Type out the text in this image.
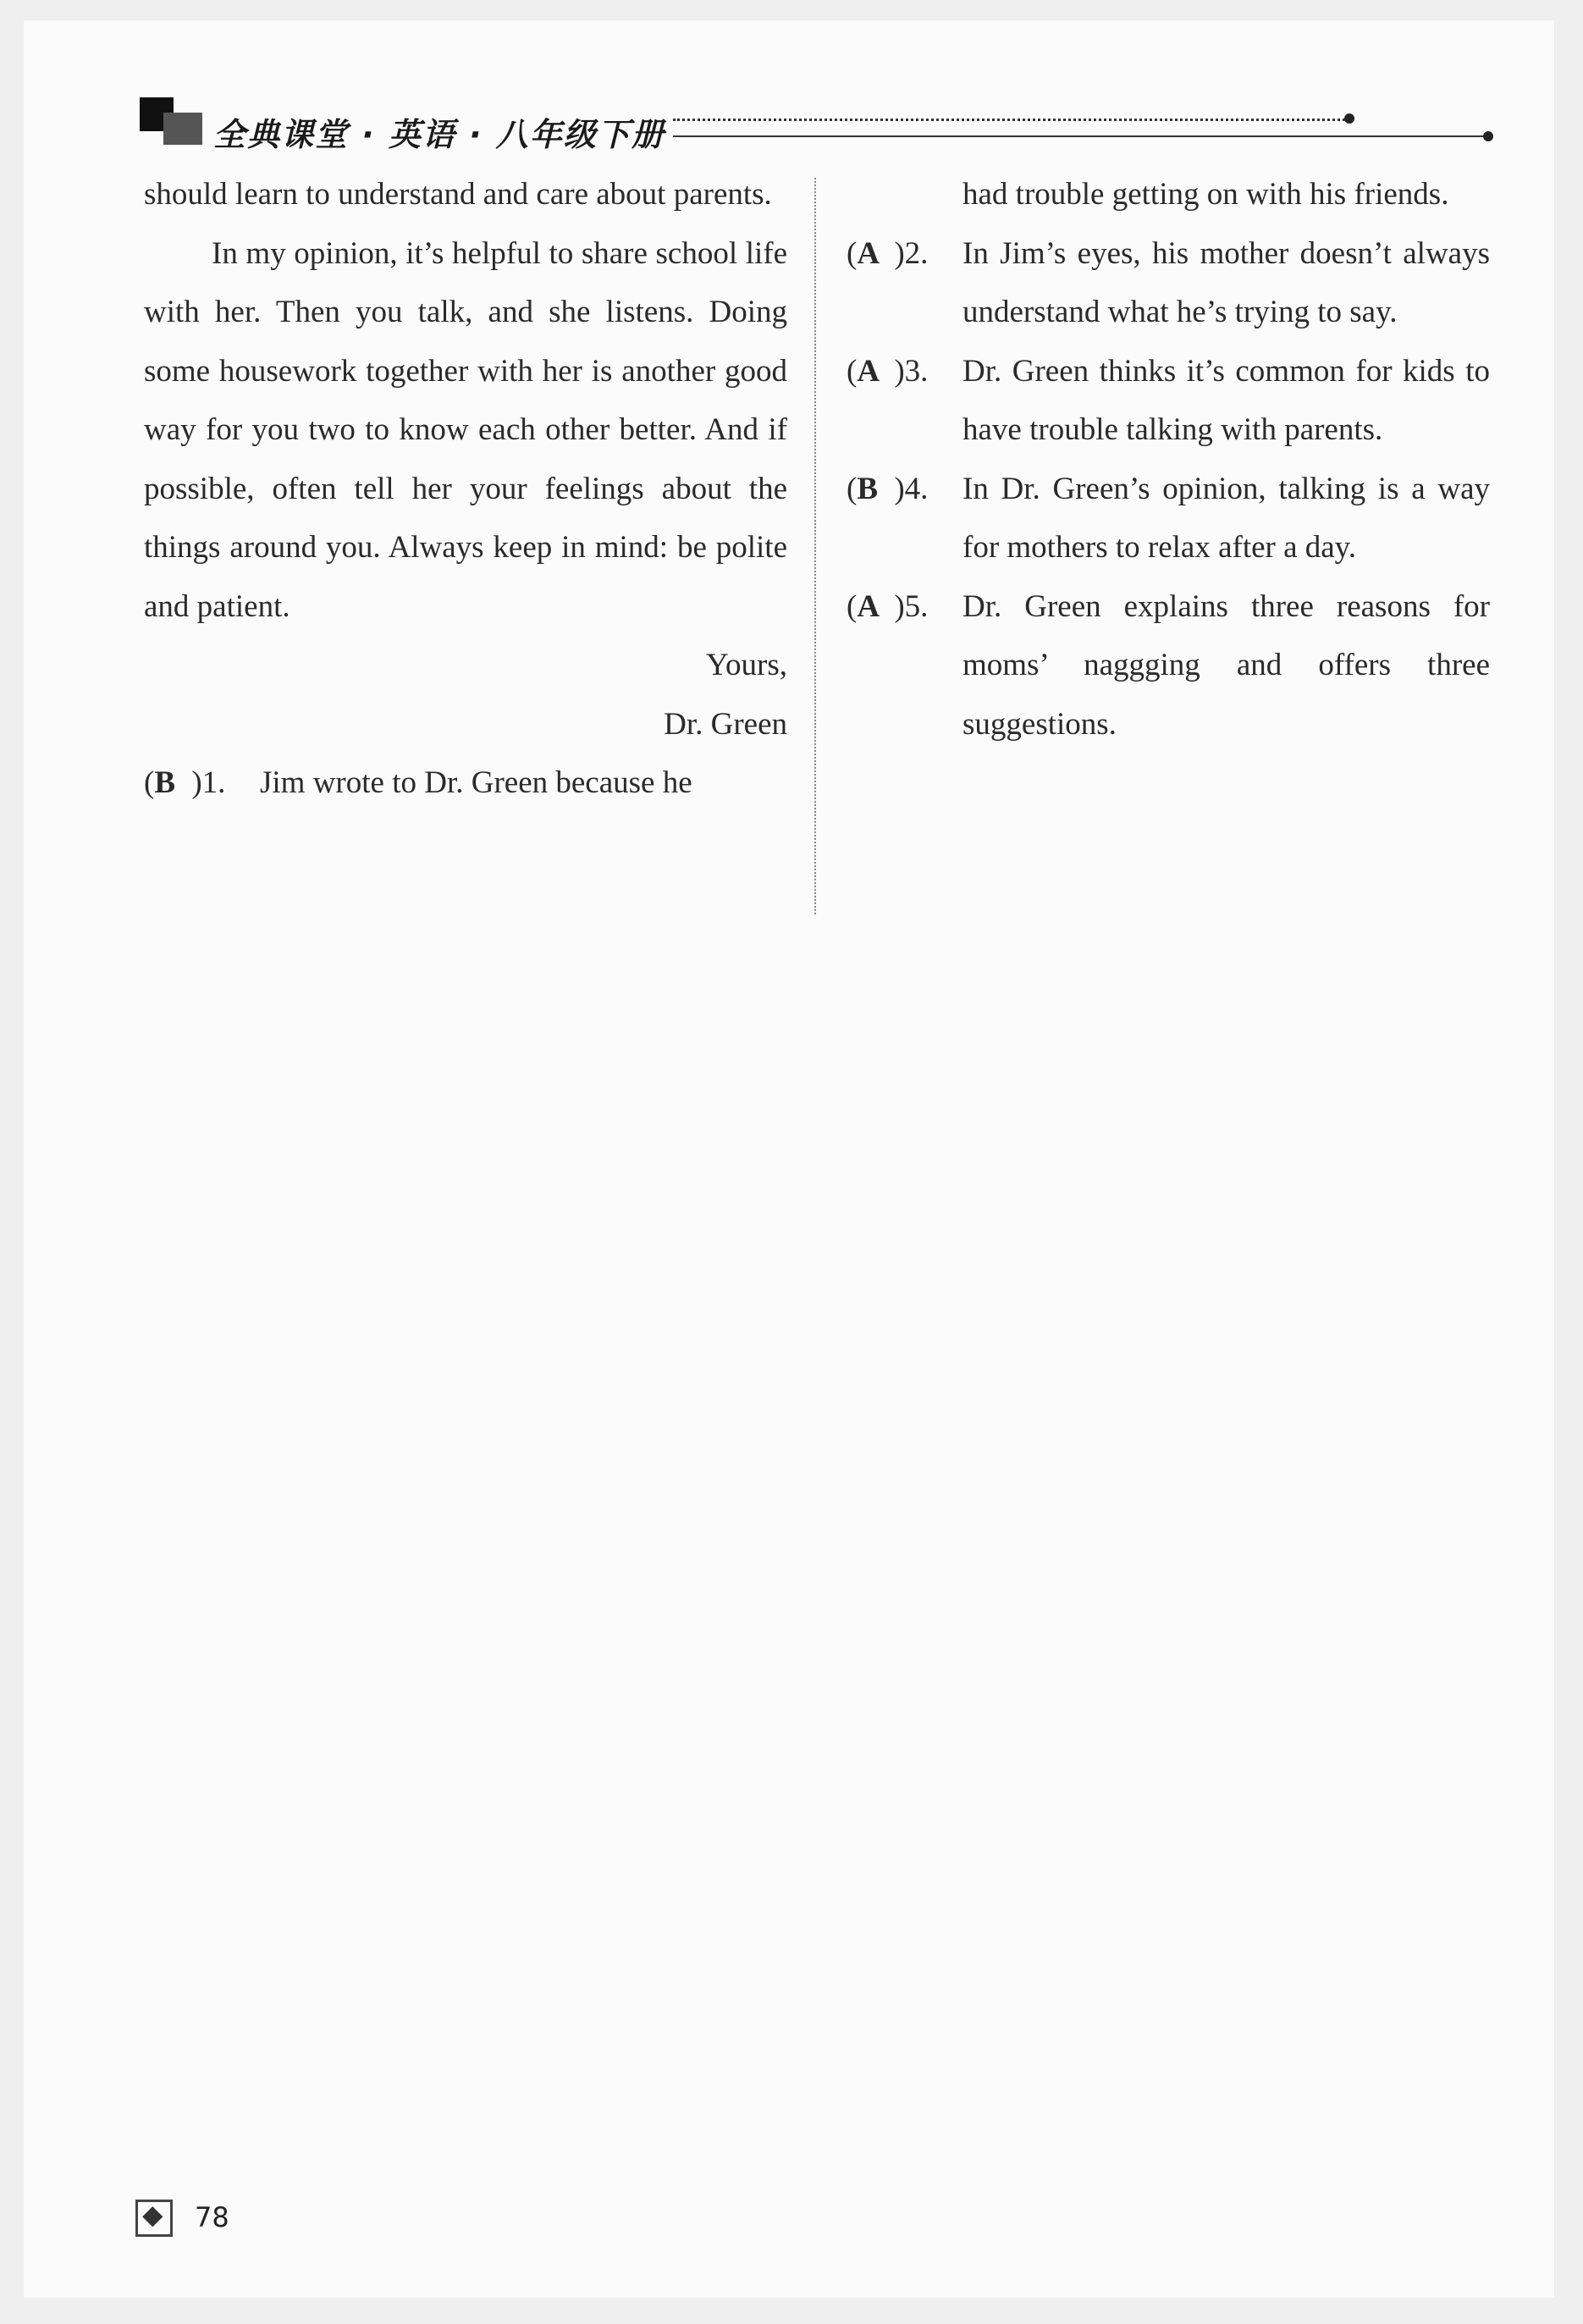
全典课堂 · 英语 · 八年级下册

should learn to understand and care about parents.

In my opinion, it’s helpful to share school life with her. Then you talk, and she listens. Doing some housework together with her is another good way for you two to know each other better. And if possible, often tell her your feelings about the things around you. Always keep in mind: be polite and patient.

Yours,

Dr. Green

(B )1. Jim wrote to Dr. Green because he

had trouble getting on with his friends.

(A )2. In Jim’s eyes, his mother doesn’t always understand what he’s trying to say.

(A )3. Dr. Green thinks it’s common for kids to have trouble talking with parents.

(B )4. In Dr. Green’s opinion, talking is a way for mothers to relax after a day.

(A )5. Dr. Green explains three reasons for moms’ naggging and offers three suggestions.

78
